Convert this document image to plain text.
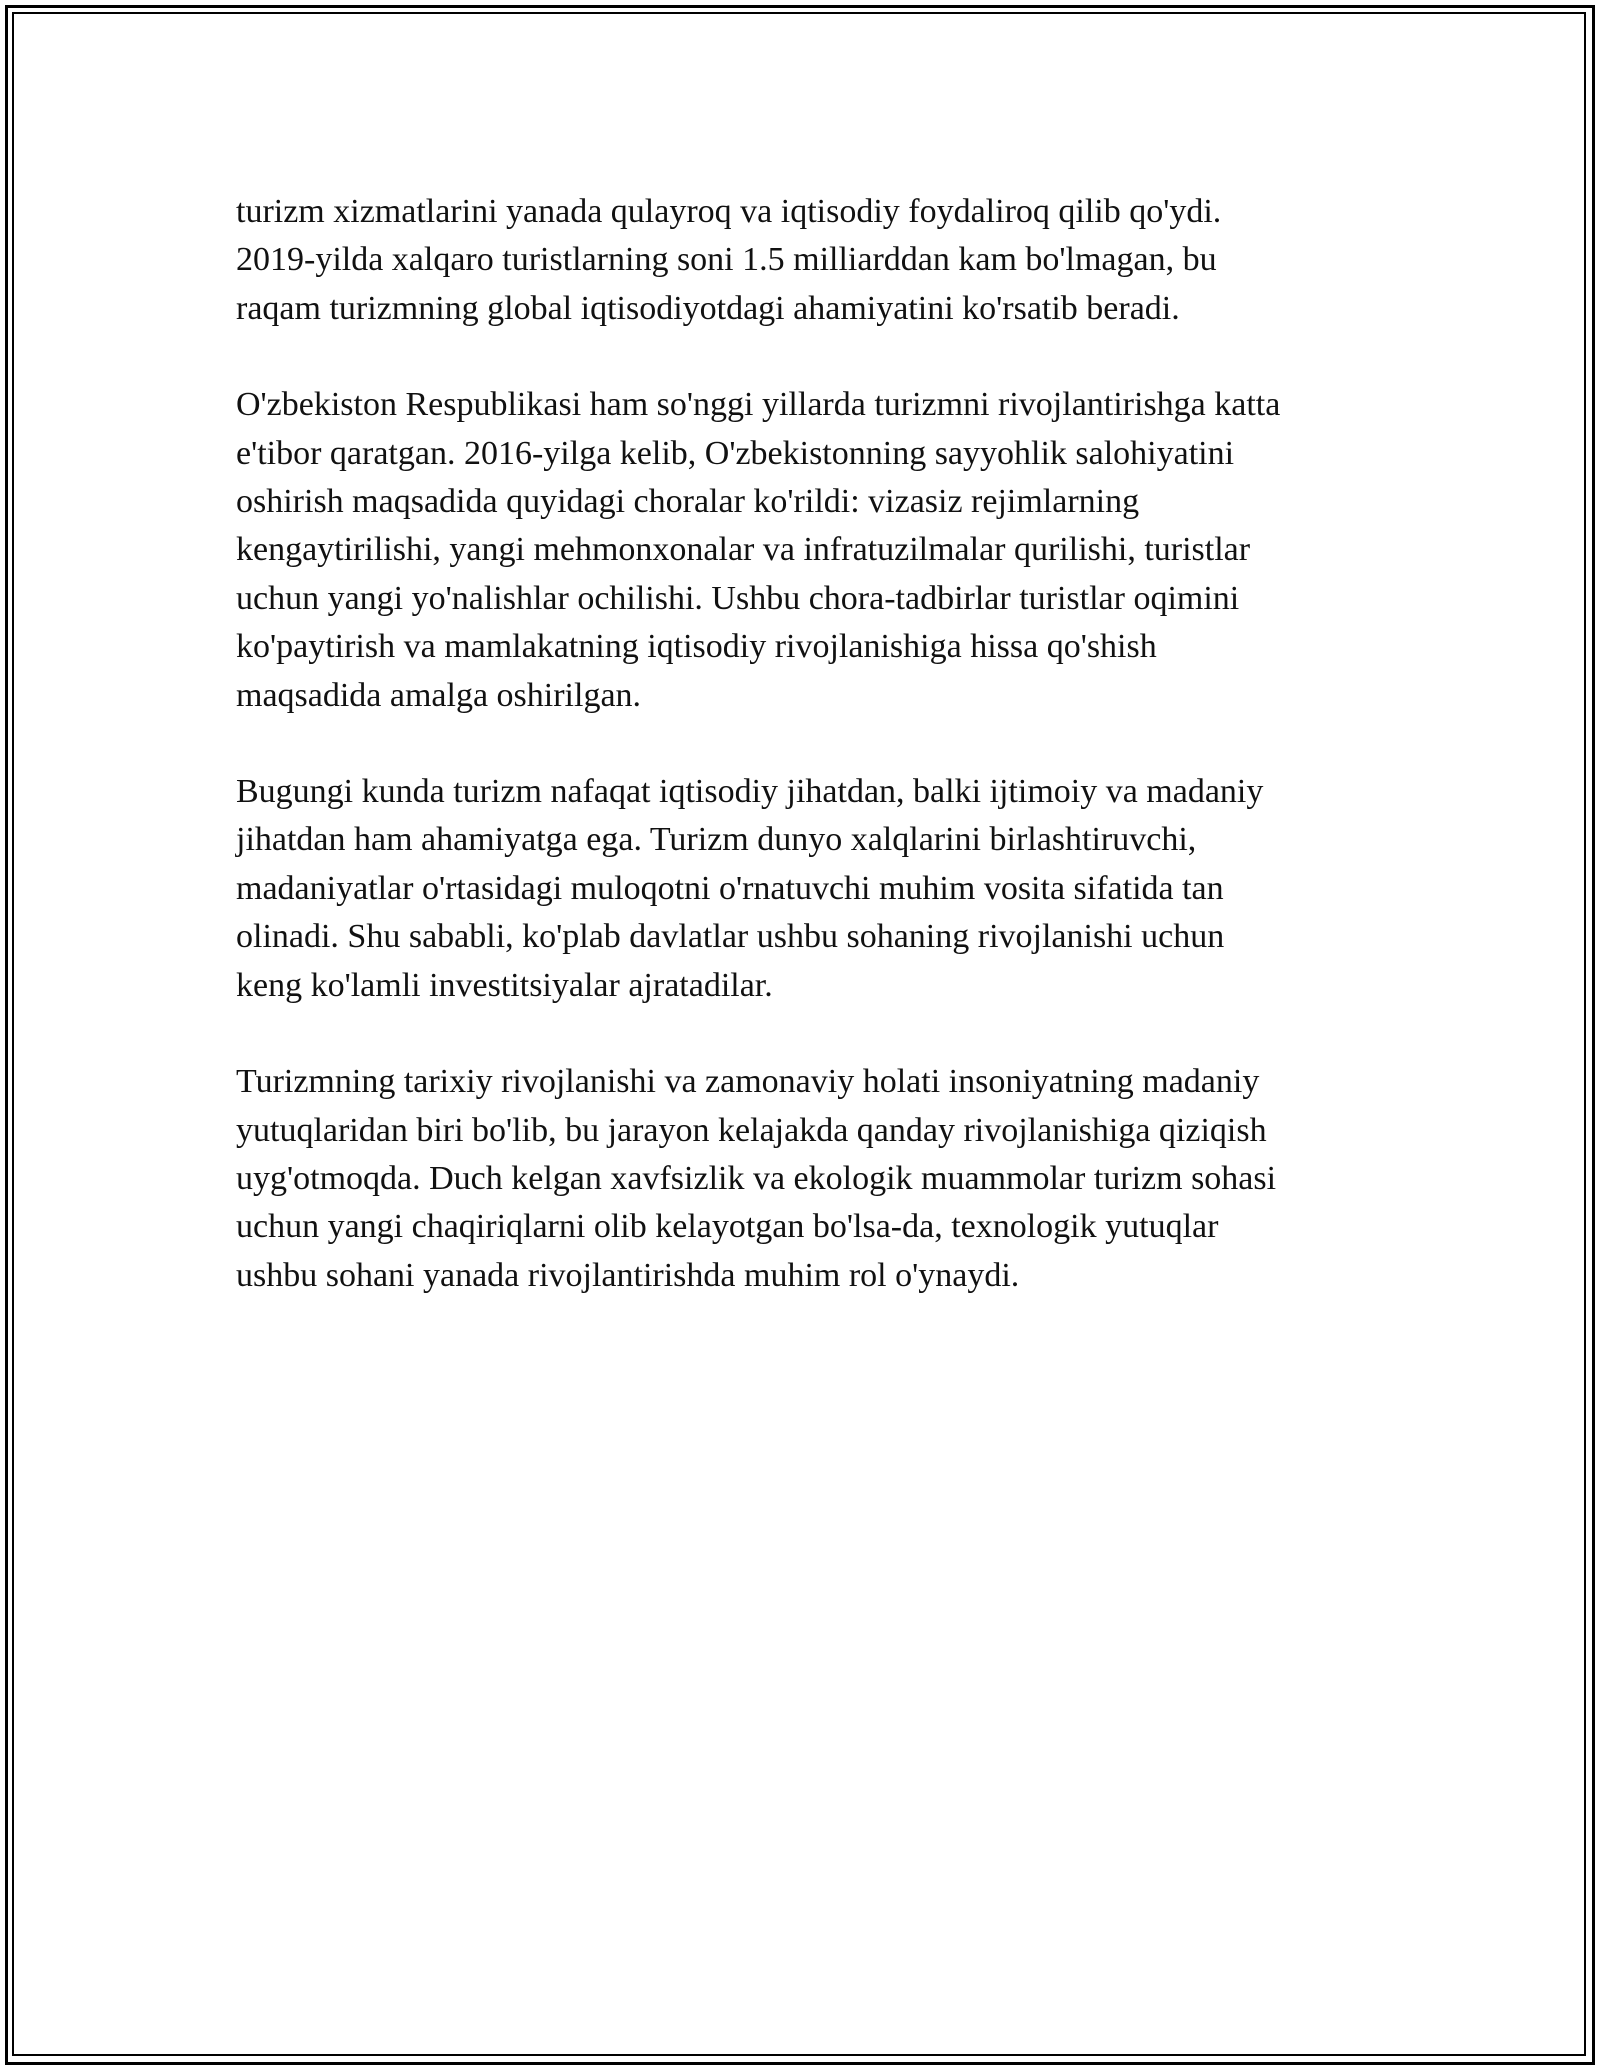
turizm xizmatlarini yanada qulayroq va iqtisodiy foydaliroq qilib qo'ydi.
2019-yilda xalqaro turistlarning soni 1.5 milliarddan kam bo'lmagan, bu
raqam turizmning global iqtisodiyotdagi ahamiyatini ko'rsatib beradi.

O'zbekiston Respublikasi ham so'nggi yillarda turizmni rivojlantirishga katta
e'tibor qaratgan. 2016-yilga kelib, O'zbekistonning sayyohlik salohiyatini
oshirish maqsadida quyidagi choralar ko'rildi: vizasiz rejimlarning
kengaytirilishi, yangi mehmonxonalar va infratuzilmalar qurilishi, turistlar
uchun yangi yo'nalishlar ochilishi. Ushbu chora-tadbirlar turistlar oqimini
ko'paytirish va mamlakatning iqtisodiy rivojlanishiga hissa qo'shish
maqsadida amalga oshirilgan.

Bugungi kunda turizm nafaqat iqtisodiy jihatdan, balki ijtimoiy va madaniy
jihatdan ham ahamiyatga ega. Turizm dunyo xalqlarini birlashtiruvchi,
madaniyatlar o'rtasidagi muloqotni o'rnatuvchi muhim vosita sifatida tan
olinadi. Shu sababli, ko'plab davlatlar ushbu sohaning rivojlanishi uchun
keng ko'lamli investitsiyalar ajratadilar.

Turizmning tarixiy rivojlanishi va zamonaviy holati insoniyatning madaniy
yutuqlaridan biri bo'lib, bu jarayon kelajakda qanday rivojlanishiga qiziqish
uyg'otmoqda. Duch kelgan xavfsizlik va ekologik muammolar turizm sohasi
uchun yangi chaqiriqlarni olib kelayotgan bo'lsa-da, texnologik yutuqlar
ushbu sohani yanada rivojlantirishda muhim rol o'ynaydi.
